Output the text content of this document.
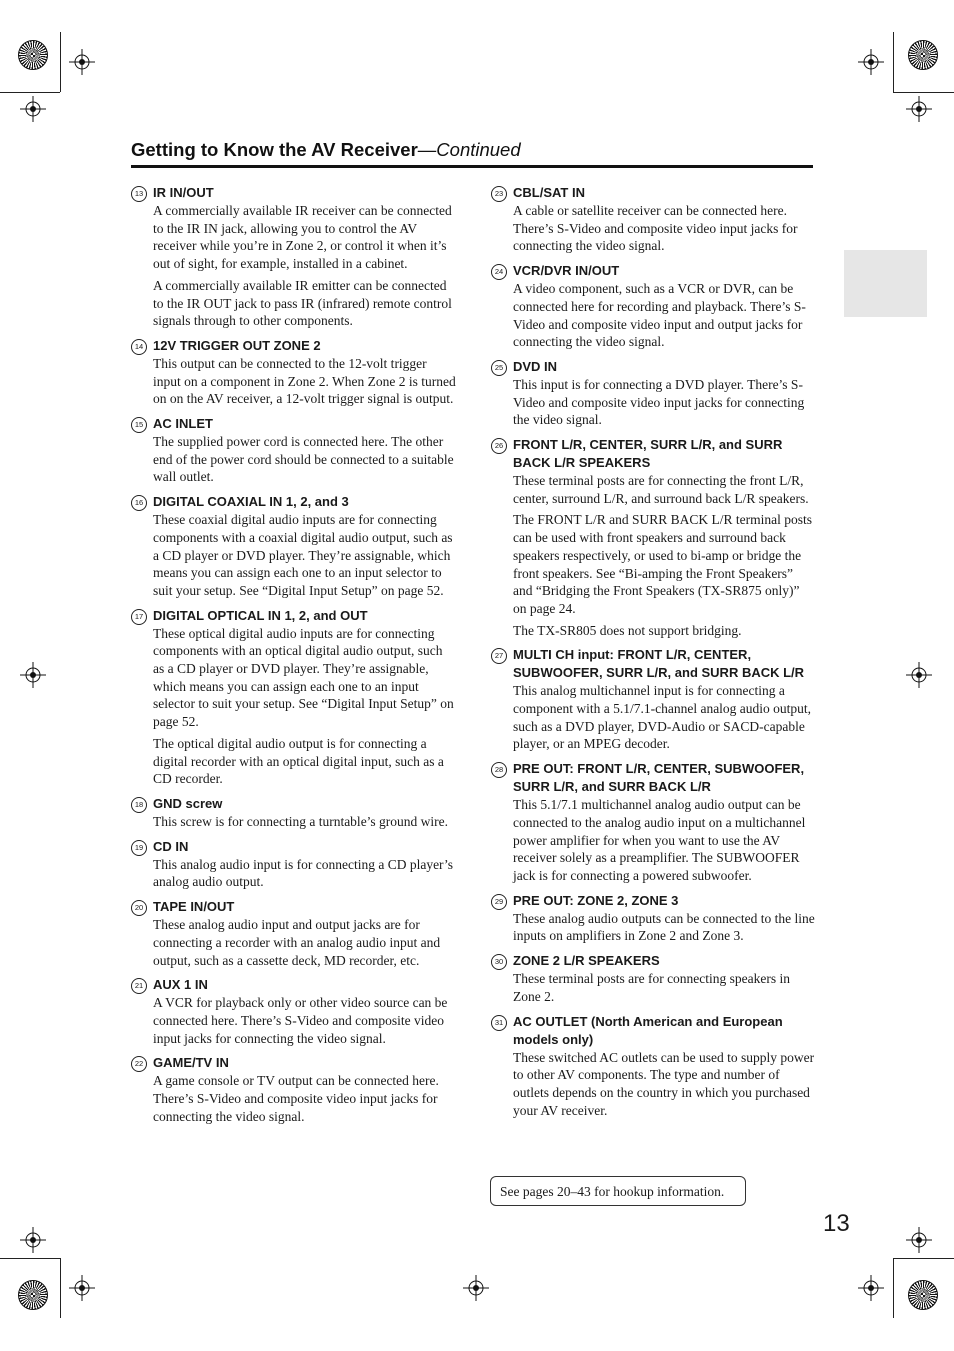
Getting to Know the AV Receiver—Continued
13 IR IN/OUT

A commercially available IR receiver can be connected to the IR IN jack, allowing you to control the AV receiver while you’re in Zone 2, or control it when it’s out of sight, for example, installed in a cabinet.

A commercially available IR emitter can be connected to the IR OUT jack to pass IR (infrared) remote control signals through to other components.

14 12V TRIGGER OUT ZONE 2

This output can be connected to the 12-volt trigger input on a component in Zone 2. When Zone 2 is turned on on the AV receiver, a 12-volt trigger signal is output.

15 AC INLET

The supplied power cord is connected here. The other end of the power cord should be connected to a suitable wall outlet.

16 DIGITAL COAXIAL IN 1, 2, and 3

These coaxial digital audio inputs are for connecting components with a coaxial digital audio output, such as a CD player or DVD player. They’re assignable, which means you can assign each one to an input selector to suit your setup. See “Digital Input Setup” on page 52.

17 DIGITAL OPTICAL IN 1, 2, and OUT

These optical digital audio inputs are for connecting components with an optical digital audio output, such as a CD player or DVD player. They’re assignable, which means you can assign each one to an input selector to suit your setup. See “Digital Input Setup” on page 52.

The optical digital audio output is for connecting a digital recorder with an optical digital input, such as a CD recorder.

18 GND screw

This screw is for connecting a turntable’s ground wire.

19 CD IN

This analog audio input is for connecting a CD player’s analog audio output.

20 TAPE IN/OUT

These analog audio input and output jacks are for connecting a recorder with an analog audio input and output, such as a cassette deck, MD recorder, etc.

21 AUX 1 IN

A VCR for playback only or other video source can be connected here. There’s S-Video and composite video input jacks for connecting the video signal.

22 GAME/TV IN

A game console or TV output can be connected here. There’s S-Video and composite video input jacks for connecting the video signal.

23 CBL/SAT IN

A cable or satellite receiver can be connected here. There’s S-Video and composite video input jacks for connecting the video signal.

24 VCR/DVR IN/OUT

A video component, such as a VCR or DVR, can be connected here for recording and playback. There’s S-Video and composite video input and output jacks for connecting the video signal.

25 DVD IN

This input is for connecting a DVD player. There’s S-Video and composite video input jacks for connecting the video signal.

26 FRONT L/R, CENTER, SURR L/R, and SURR BACK L/R SPEAKERS

These terminal posts are for connecting the front L/R, center, surround L/R, and surround back L/R speakers.

The FRONT L/R and SURR BACK L/R terminal posts can be used with front speakers and surround back speakers respectively, or used to bi-amp or bridge the front speakers. See “Bi-amping the Front Speakers” and “Bridging the Front Speakers (TX-SR875 only)” on page 24.

The TX-SR805 does not support bridging.

27 MULTI CH input: FRONT L/R, CENTER, SUBWOOFER, SURR L/R, and SURR BACK L/R

This analog multichannel input is for connecting a component with a 5.1/7.1-channel analog audio output, such as a DVD player, DVD-Audio or SACD-capable player, or an MPEG decoder.

28 PRE OUT: FRONT L/R, CENTER, SUBWOOFER, SURR L/R, and SURR BACK L/R

This 5.1/7.1 multichannel analog audio output can be connected to the analog audio input on a multichannel power amplifier for when you want to use the AV receiver solely as a preamplifier. The SUBWOOFER jack is for connecting a powered subwoofer.

29 PRE OUT: ZONE 2, ZONE 3

These analog audio outputs can be connected to the line inputs on amplifiers in Zone 2 and Zone 3.

30 ZONE 2 L/R SPEAKERS

These terminal posts are for connecting speakers in Zone 2.

31 AC OUTLET (North American and European models only)

These switched AC outlets can be used to supply power to other AV components. The type and number of outlets depends on the country in which you purchased your AV receiver.

See pages 20–43 for hookup information.
13
